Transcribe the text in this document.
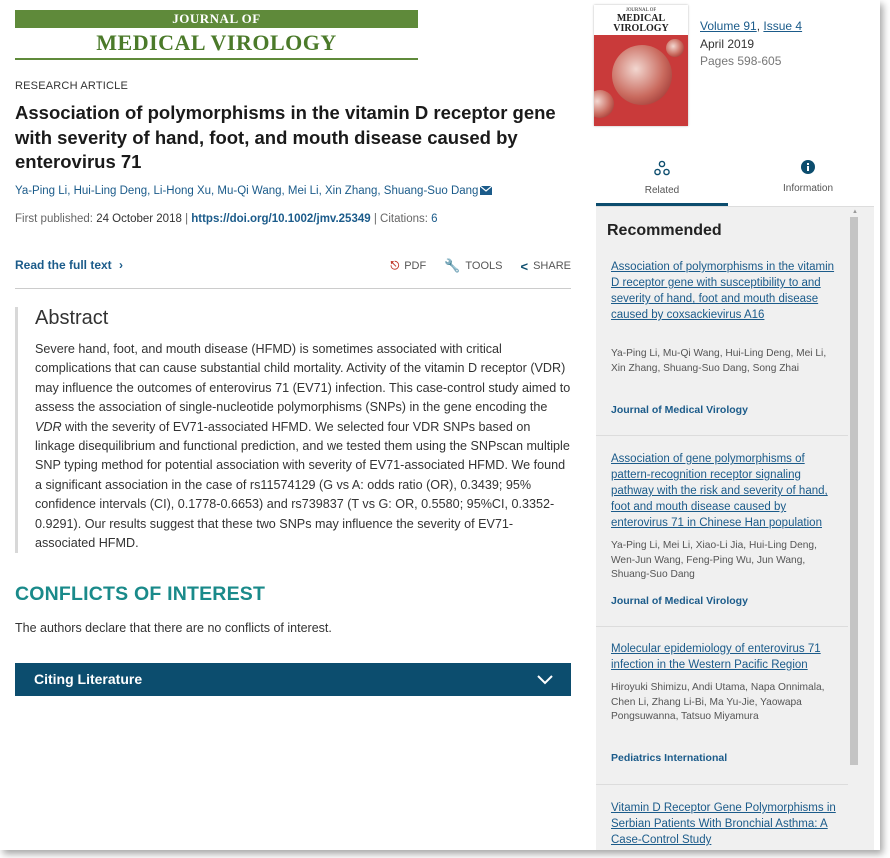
JOURNAL OF
MEDICAL VIROLOGY
RESEARCH ARTICLE
Association of polymorphisms in the vitamin D receptor gene with severity of hand, foot, and mouth disease caused by enterovirus 71
Ya-Ping Li, Hui-Ling Deng, Li-Hong Xu, Mu-Qi Wang, Mei Li, Xin Zhang, Shuang-Suo Dang
First published: 24 October 2018 | https://doi.org/10.1002/jmv.25349 | Citations: 6
Read the full text ›	⎋ PDF 🔧 TOOLS < SHARE
Abstract

Severe hand, foot, and mouth disease (HFMD) is sometimes associated with critical complications that can cause substantial child mortality. Activity of the vitamin D receptor (VDR) may influence the outcomes of enterovirus 71 (EV71) infection. This case-control study aimed to assess the association of single-nucleotide polymorphisms (SNPs) in the gene encoding the VDR with the severity of EV71-associated HFMD. We selected four VDR SNPs based on linkage disequilibrium and functional prediction, and we tested them using the SNPscan multiple SNP typing method for potential association with severity of EV71-associated HFMD. We found a significant association in the case of rs11574129 (G vs A: odds ratio (OR), 0.3439; 95% confidence intervals (CI), 0.1778-0.6653) and rs739837 (T vs G: OR, 0.5580; 95%CI, 0.3352-0.9291). Our results suggest that these two SNPs may influence the severity of EV71-associated HFMD.

CONFLICTS OF INTEREST
The authors declare that there are no conflicts of interest.
Citing Literature
JOURNAL OF
MEDICAL
VIROLOGY	Volume 91, Issue 4
April 2019
Pages 598-605
Related	Information
▲
Recommended
Association of polymorphisms in the vitamin D receptor gene with susceptibility to and severity of hand, foot and mouth disease caused by coxsackievirus A16
Ya-Ping Li, Mu-Qi Wang, Hui-Ling Deng, Mei Li, Xin Zhang, Shuang-Suo Dang, Song Zhai
Journal of Medical Virology
Association of gene polymorphisms of pattern‐recognition receptor signaling pathway with the risk and severity of hand, foot and mouth disease caused by enterovirus 71 in Chinese Han population
Ya-Ping Li, Mei Li, Xiao-Li Jia, Hui-Ling Deng, Wen-Jun Wang, Feng-Ping Wu, Jun Wang, Shuang-Suo Dang
Journal of Medical Virology
Molecular epidemiology of enterovirus 71 infection in the Western Pacific Region
Hiroyuki Shimizu, Andi Utama, Napa Onnimala, Chen Li, Zhang Li-Bi, Ma Yu-Jie, Yaowapa Pongsuwanna, Tatsuo Miyamura
Pediatrics International
Vitamin D Receptor Gene Polymorphisms in Serbian Patients With Bronchial Asthma: A Case‐Control Study
